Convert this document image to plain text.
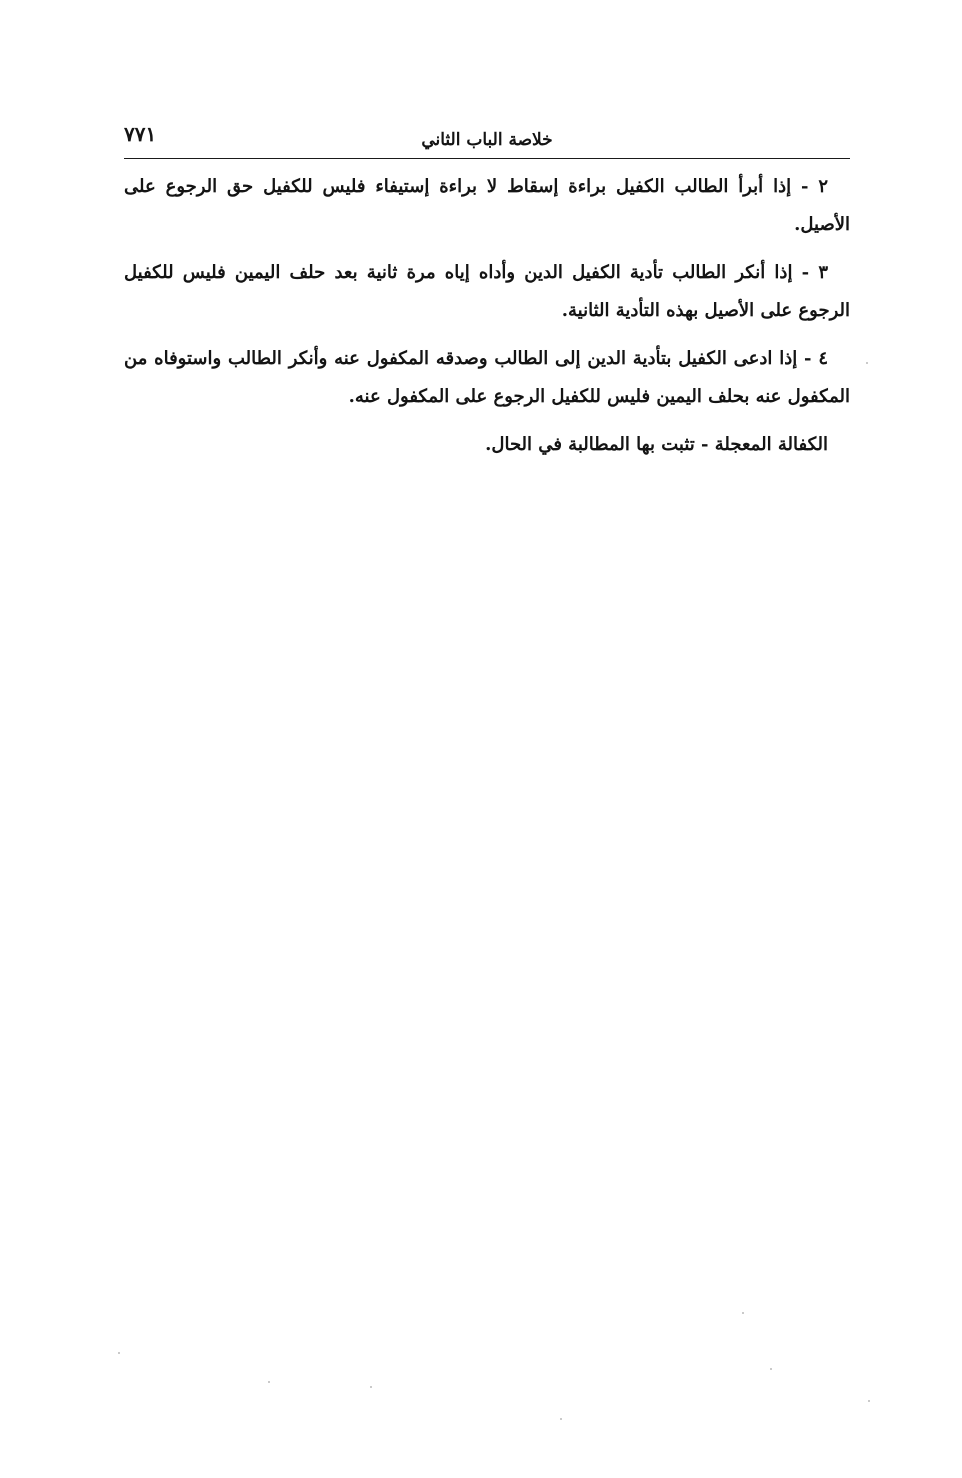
٧٧١	خلاصة الباب الثاني

٢ - إذا أبرأ الطالب الكفيل براءة إسقاط لا براءة إستيفاء فليس للكفيل حق الرجوع على الأصيل.

٣ - إذا أنكر الطالب تأدية الكفيل الدين وأداه إياه مرة ثانية بعد حلف اليمين فليس للكفيل الرجوع على الأصيل بهذه التأدية الثانية.

٤ - إذا ادعى الكفيل بتأدية الدين إلى الطالب وصدقه المكفول عنه وأنكر الطالب واستوفاه من المكفول عنه بحلف اليمين فليس للكفيل الرجوع على المكفول عنه.

الكفالة المعجلة - تثبت بها المطالبة في الحال.
